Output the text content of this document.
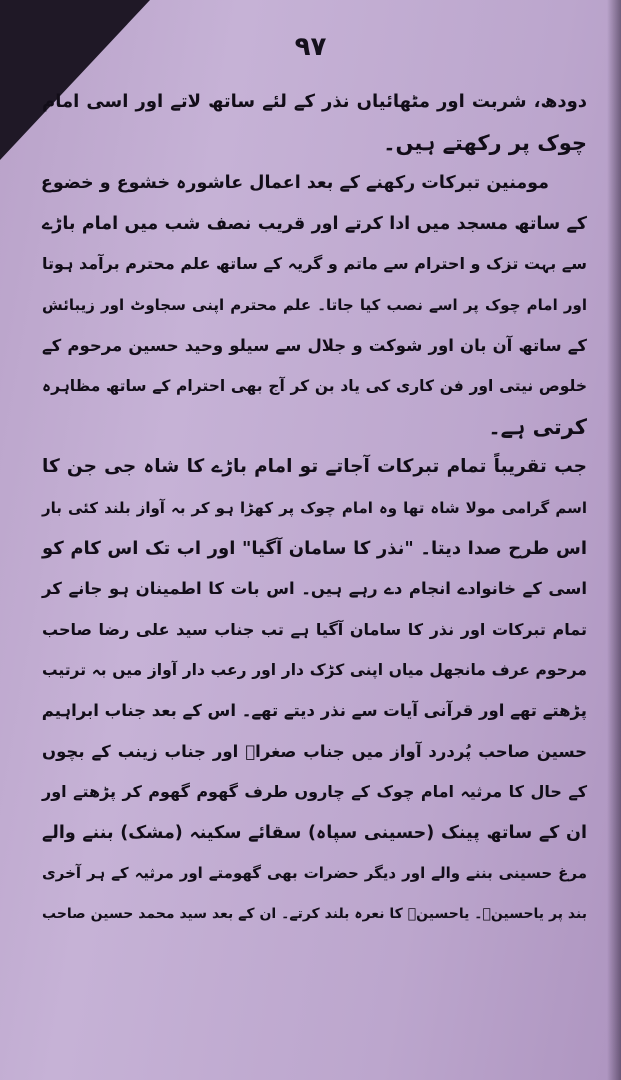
۹۷
دودھ، شربت اور مٹھائیاں نذر کے لئے ساتھ لاتے اور اسی امام
چوک پر رکھتے ہیں۔
مومنین تبرکات رکھنے کے بعد اعمال عاشورہ خشوع و خضوع
کے ساتھ مسجد میں ادا کرتے اور قریب نصف شب میں امام باڑے
سے بہت تزک و احترام سے ماتم و گریہ کے ساتھ علم محترم برآمد ہوتا
اور امام چوک پر اسے نصب کیا جاتا۔ علم محترم اپنی سجاوٹ اور زیبائش
کے ساتھ آن بان اور شوکت و جلال سے سیلو وحید حسین مرحوم کے
خلوص نیتی اور فن کاری کی یاد بن کر آج بھی احترام کے ساتھ مظاہرہ
کرتی ہے۔
جب تقریباً تمام تبرکات آجاتے تو امام باڑے کا شاہ جی جن کا
اسم گرامی مولا شاہ تھا وہ امام چوک پر کھڑا ہو کر بہ آواز بلند کئی بار
اس طرح صدا دیتا۔ "نذر کا سامان آگیا" اور اب تک اس کام کو
اسی کے خانوادے انجام دے رہے ہیں۔ اس بات کا اطمینان ہو جانے کر
تمام تبرکات اور نذر کا سامان آگیا ہے تب جناب سید علی رضا صاحب
مرحوم عرف مانجھل میاں اپنی کڑک دار اور رعب دار آواز میں بہ ترتیب
پڑھتے تھے اور قرآنی آیات سے نذر دیتے تھے۔ اس کے بعد جناب ابراہیم
حسین صاحب پُردرد آواز میں جناب صغراؑ اور جناب زینب کے بچوں
کے حال کا مرثیہ امام چوک کے چاروں طرف گھوم گھوم کر پڑھتے اور
ان کے ساتھ پینک (حسینی سپاہ) سقائے سکینہ (مشک) بننے والے
مرغ حسینی بننے والے اور دیگر حضرات بھی گھومتے اور مرثیہ کے ہر آخری
بند پر یاحسینؑ۔ یاحسینؑ کا نعرہ بلند کرتے۔ ان کے بعد سید محمد حسین صاحب
